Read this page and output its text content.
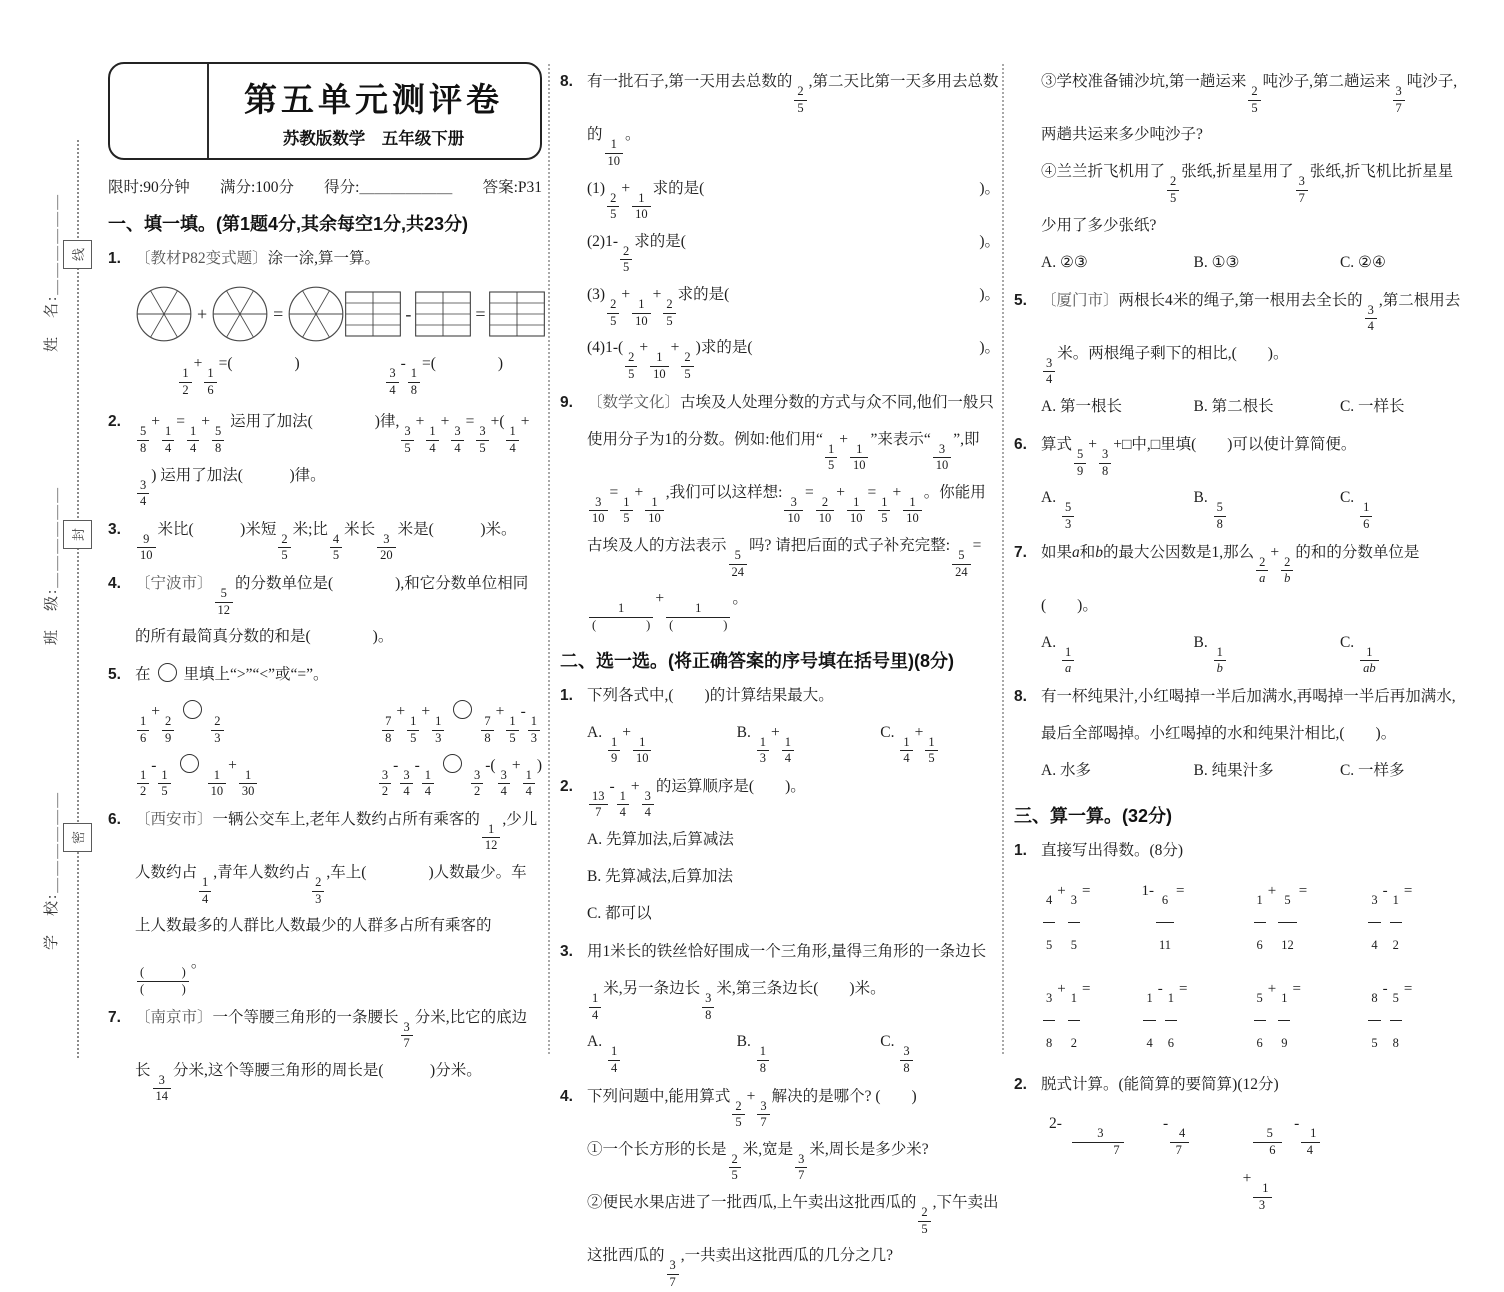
线
封
密
姓　名:＿＿＿＿＿＿
班　级:＿＿＿＿＿＿
学　校:＿＿＿＿＿＿
第五单元测评卷
苏教版数学　五年级下册
限时:90分钟 满分:100分 得分:＿＿＿＿＿＿ 答案:P31
一、填一填。(第1题4分,其余每空1分,共23分)
1. 〔教材P82变式题〕涂一涂,算一算。
+	=	-	=
$\frac{1}{2}$
+
$\frac{1}{6}$
=(　　　　)
$\frac{3}{4}$
-
$\frac{1}{8}$
=(　　　　)
2.
$\frac{5}{8}$
+
$\frac{1}{4}$
=
$\frac{1}{4}$
+
$\frac{5}{8}$
运用了加法(　　　　)律,
$\frac{3}{5}$
+
$\frac{1}{4}$
+
$\frac{3}{4}$
=
$\frac{3}{5}$
+(
$\frac{1}{4}$
+
$\frac{3}{4}$
) 运用了加法(　　　)律。
3.
$\frac{9}{10}$
米比(　　　)米短
$\frac{2}{5}$
米;比
$\frac{4}{5}$
米长
$\frac{3}{20}$
米是(　　　)米。
4. 〔宁波市〕
$\frac{5}{12}$
的分数单位是(　　　　),和它分数单位相同的所有最简真分数的和是(　　　　)。
5. 在 里填上“>”“<”或“=”。
$\frac{1}{6}$
+
$\frac{2}{9}$	$\frac{2}{3}$	$\frac{7}{8}$
+
$\frac{1}{5}$
+
$\frac{1}{3}$	$\frac{7}{8}$
+
$\frac{1}{5}$
-
$\frac{1}{3}$
$\frac{1}{2}$
-
$\frac{1}{5}$	$\frac{1}{10}$
+
$\frac{1}{30}$	$\frac{3}{2}$
-
$\frac{3}{4}$
-
$\frac{1}{4}$	$\frac{3}{2}$
-(
$\frac{3}{4}$
+
$\frac{1}{4}$
)
6. 〔西安市〕一辆公交车上,老年人数约占所有乘客的
$\frac{1}{12}$
,少儿人数约占
$\frac{1}{4}$
,青年人数约占
$\frac{2}{3}$
,车上(　　　　)人数最少。车上人数最多的人群比人数最少的人群多占所有乘客的
$\frac{( )}{( )}$
。
7. 〔南京市〕一个等腰三角形的一条腰长
$\frac{3}{7}$
分米,比它的底边长
$\frac{3}{14}$
分米,这个等腰三角形的周长是(　　　)分米。
8. 有一批石子,第一天用去总数的
$\frac{2}{5}$
,第二天比第一天多用去总数的
$\frac{1}{10}$
。
(1)
$\frac{2}{5}$
+
$\frac{1}{10}$
求的是(	)。
(2)1-
$\frac{2}{5}$
求的是(	)。
(3)
$\frac{2}{5}$
+
$\frac{1}{10}$
+
$\frac{2}{5}$
求的是(	)。
(4)1-(
$\frac{2}{5}$
+
$\frac{1}{10}$
+
$\frac{2}{5}$
)求的是(	)。
9. 〔数学文化〕古埃及人处理分数的方式与众不同,他们一般只使用分子为1的分数。例如:他们用“
$\frac{1}{5}$
+
$\frac{1}{10}$
”来表示“
$\frac{3}{10}$
”,即
$\frac{3}{10}$
=
$\frac{1}{5}$
+
$\frac{1}{10}$
,我们可以这样想:
$\frac{3}{10}$
=
$\frac{2}{10}$
+
$\frac{1}{10}$
=
$\frac{1}{5}$
+
$\frac{1}{10}$
。你能用古埃及人的方法表示
$\frac{5}{24}$
吗? 请把后面的式子补充完整:
$\frac{5}{24}$
=
$\frac{1}{( )}$
+
$\frac{1}{( )}$
。
二、选一选。(将正确答案的序号填在括号里)(8分)
1. 下列各式中,(　　)的计算结果最大。
A.
$\frac{1}{9}$
+
$\frac{1}{10}$
B.
$\frac{1}{3}$
+
$\frac{1}{4}$
C.
$\frac{1}{4}$
+
$\frac{1}{5}$
2.
$\frac{13}{7}$
-
$\frac{1}{4}$
+
$\frac{3}{4}$
的运算顺序是(　　)。
A. 先算加法,后算减法
B. 先算减法,后算加法
C. 都可以
3. 用1米长的铁丝恰好围成一个三角形,量得三角形的一条边长
$\frac{1}{4}$
米,另一条边长
$\frac{3}{8}$
米,第三条边长(　　)米。
A.
$\frac{1}{4}$
B.
$\frac{1}{8}$
C.
$\frac{3}{8}$
4. 下列问题中,能用算式
$\frac{2}{5}$
+
$\frac{3}{7}$
解决的是哪个? (　　)
①一个长方形的长是
$\frac{2}{5}$
米,宽是
$\frac{3}{7}$
米,周长是多少米?
②便民水果店进了一批西瓜,上午卖出这批西瓜的
$\frac{2}{5}$
,下午卖出这批西瓜的
$\frac{3}{7}$
,一共卖出这批西瓜的几分之几?
③学校准备铺沙坑,第一趟运来
$\frac{2}{5}$
吨沙子,第二趟运来
$\frac{3}{7}$
吨沙子,两趟共运来多少吨沙子?
④兰兰折飞机用了
$\frac{2}{5}$
张纸,折星星用了
$\frac{3}{7}$
张纸,折飞机比折星星少用了多少张纸?
A. ②③	B. ①③	C. ②④
5. 〔厦门市〕两根长4米的绳子,第一根用去全长的
$\frac{3}{4}$
,第二根用去
$\frac{3}{4}$
米。两根绳子剩下的相比,(　　)。
A. 第一根长	B. 第二根长	C. 一样长
6. 算式
$\frac{5}{9}$
+
$\frac{3}{8}$
+□中,□里填(　　)可以使计算简便。
A.
$\frac{5}{3}$
B.
$\frac{5}{8}$
C.
$\frac{1}{6}$
7. 如果a和b的最大公因数是1,那么
$\frac{2}{a}$
+
$\frac{2}{b}$
的和的分数单位是(　　)。
A.
$\frac{1}{a}$
B.
$\frac{1}{b}$
C.
$\frac{1}{ab}$
8. 有一杯纯果汁,小红喝掉一半后加满水,再喝掉一半后再加满水,最后全部喝掉。小红喝掉的水和纯果汁相比,(　　)。
A. 水多	B. 纯果汁多	C. 一样多
三、算一算。(32分)
1. 直接写出得数。(8分)
$\frac{4}{5} + \frac{3}{5}$ =	$1- \frac{6}{11}$ =	$\frac{1}{6} + \frac{5}{12}$ =	$\frac{3}{4} - \frac{1}{2}$ =
$\frac{3}{8} + \frac{1}{2}$ =	$\frac{1}{4} - \frac{1}{6}$ =	$\frac{5}{6} + \frac{1}{9}$ =	$\frac{8}{5} - \frac{5}{8}$ =
2. 脱式计算。(能简算的要简算)(12分)
2-
$\frac{3}{7}$
-
$\frac{4}{7}$	$\frac{5}{6}$
-
$\frac{1}{4}$
+
$\frac{1}{3}$
